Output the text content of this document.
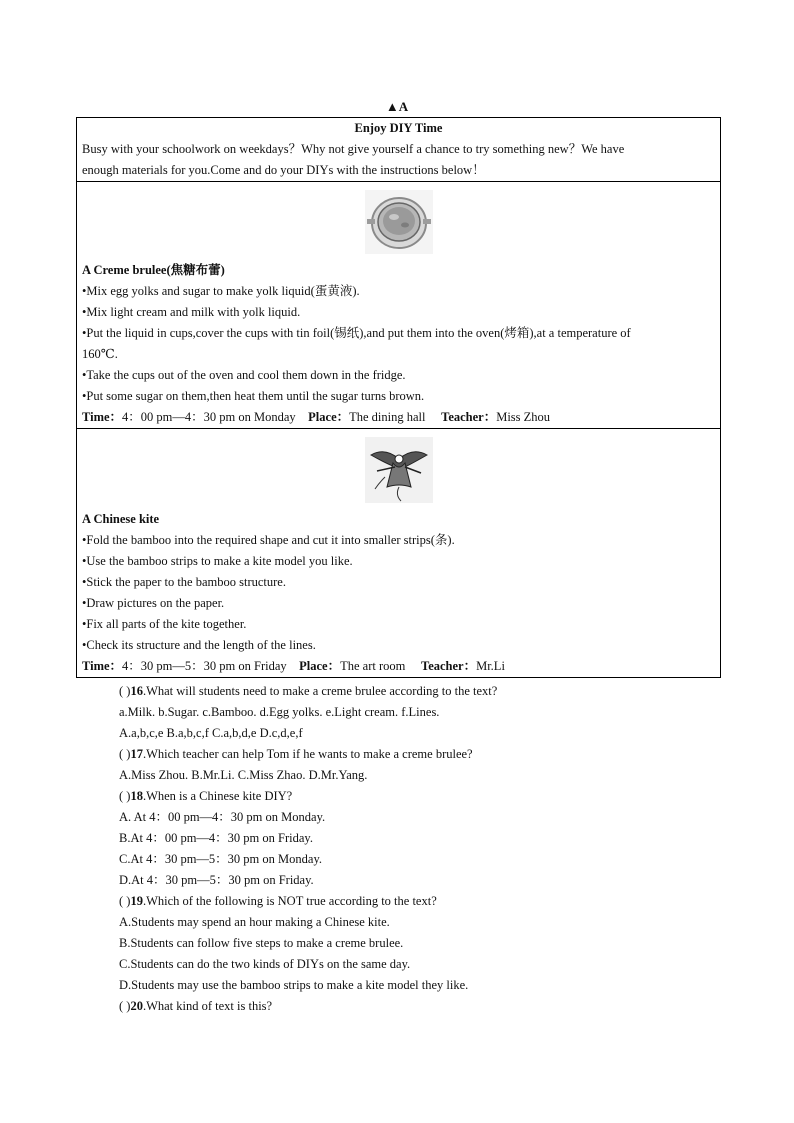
▲A
Enjoy DIY Time
Busy with your schoolwork on weekdays？Why not give yourself a chance to try something new？We have
enough materials for you.Come and do your DIYs with the instructions below！

A Creme brulee(焦糖布蕾)
•Mix egg yolks and sugar to make yolk liquid(蛋黄液).
•Mix light cream and milk with yolk liquid.
•Put the liquid in cups,cover the cups with tin foil(锡纸),and put them into the oven(烤箱),at a temperature of
160℃.
•Take the cups out of the oven and cool them down in the fridge.
•Put some sugar on them,then heat them until the sugar turns brown.
Time：4：00 pm—4：30 pm on Monday Place：The dining hall Teacher：Miss Zhou

A Chinese kite
•Fold the bamboo into the required shape and cut it into smaller strips(条).
•Use the bamboo strips to make a kite model you like.
•Stick the paper to the bamboo structure.
•Draw pictures on the paper.
•Fix all parts of the kite together.
•Check its structure and the length of the lines.
Time：4：30 pm—5：30 pm on Friday Place：The art room Teacher：Mr.Li
( )16.What will students need to make a creme brulee according to the text?
a.Milk. b.Sugar. c.Bamboo. d.Egg yolks. e.Light cream. f.Lines.
A.a,b,c,e B.a,b,c,f C.a,b,d,e D.c,d,e,f
( )17.Which teacher can help Tom if he wants to make a creme brulee?
A.Miss Zhou. B.Mr.Li. C.Miss Zhao. D.Mr.Yang.
( )18.When is a Chinese kite DIY?
A. At 4：00 pm—4：30 pm on Monday.
B.At 4：00 pm—4：30 pm on Friday.
C.At 4：30 pm—5：30 pm on Monday.
D.At 4：30 pm—5：30 pm on Friday.
( )19.Which of the following is NOT true according to the text?
A.Students may spend an hour making a Chinese kite.
B.Students can follow five steps to make a creme brulee.
C.Students can do the two kinds of DIYs on the same day.
D.Students may use the bamboo strips to make a kite model they like.
( )20.What kind of text is this?
